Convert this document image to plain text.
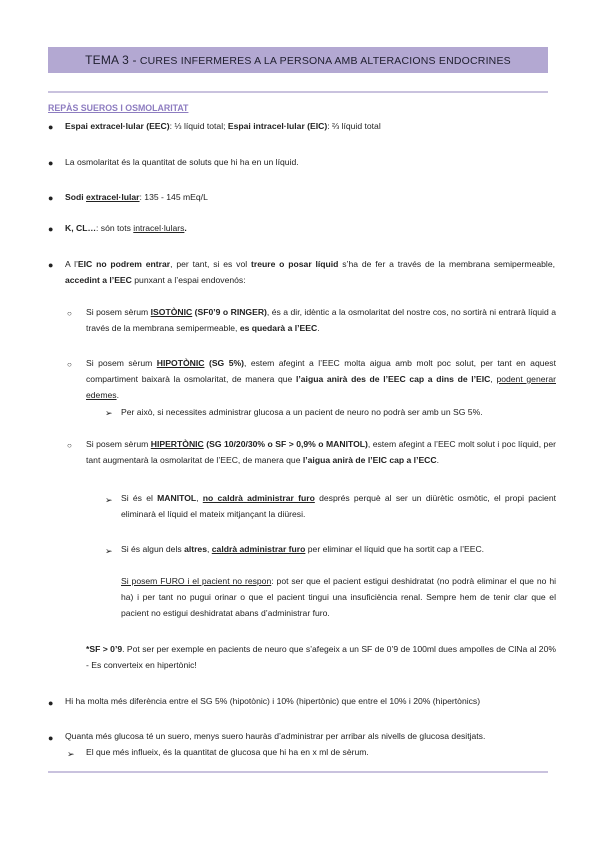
TEMA 3 - CURES INFERMERES A LA PERSONA AMB ALTERACIONS ENDOCRINES
REPÀS SUEROS I OSMOLARITAT
● Espai extracel·lular (EEC): ⅓ líquid total; Espai intracel·lular (EIC): ⅔ líquid total
● La osmolaritat és la quantitat de soluts que hi ha en un líquid.
● Sodi extracel·lular: 135 - 145 mEq/L
● K, CL…: són tots intracel·lulars.
● A l’EIC no podrem entrar, per tant, si es vol treure o posar líquid s’ha de fer a través de la membrana semipermeable, accedint a l’EEC punxant a l’espai endovenós:
○ Si posem sèrum ISOTÒNIC (SF0’9 o RINGER), és a dir, idèntic a la osmolaritat del nostre cos, no sortirà ni entrarà líquid a través de la membrana semipermeable, es quedarà a l’EEC.
○ Si posem sèrum HIPOTÒNIC (SG 5%), estem afegint a l’EEC molta aigua amb molt poc solut, per tant en aquest compartiment baixarà la osmolaritat, de manera que l’aigua anirà des de l’EEC cap a dins de l’EIC, podent generar edemes.
➢ Per això, si necessites administrar glucosa a un pacient de neuro no podrà ser amb un SG 5%.
○ Si posem sèrum HIPERTÒNIC (SG 10/20/30% o SF > 0,9% o MANITOL), estem afegint a l’EEC molt solut i poc líquid, per tant augmentarà la osmolaritat de l’EEC, de manera que l’aigua anirà de l’EIC cap a l’ECC.
➢ Si és el MANITOL, no caldrà administrar furo després perquè al ser un diürètic osmòtic, el propi pacient eliminarà el líquid el mateix mitjançant la diüresi.
➢ Si és algun dels altres, caldrà administrar furo per eliminar el líquid que ha sortit cap a l’EEC.
Si posem FURO i el pacient no respon: pot ser que el pacient estigui deshidratat (no podrà eliminar el que no hi ha) i per tant no pugui orinar o que el pacient tingui una insuficiència renal. Sempre hem de tenir clar que el pacient no estigui deshidratat abans d’administrar furo.
*SF > 0’9. Pot ser per exemple en pacients de neuro que s’afegeix a un SF de 0’9 de 100ml dues ampolles de ClNa al 20% - Es converteix en hipertònic!
● Hi ha molta més diferència entre el SG 5% (hipotònic) i 10% (hipertònic) que entre el 10% i 20% (hipertònics)
● Quanta més glucosa té un suero, menys suero hauràs d’administrar per arribar als nivells de glucosa desitjats.
➢ El que més influeix, és la quantitat de glucosa que hi ha en x ml de sèrum.
